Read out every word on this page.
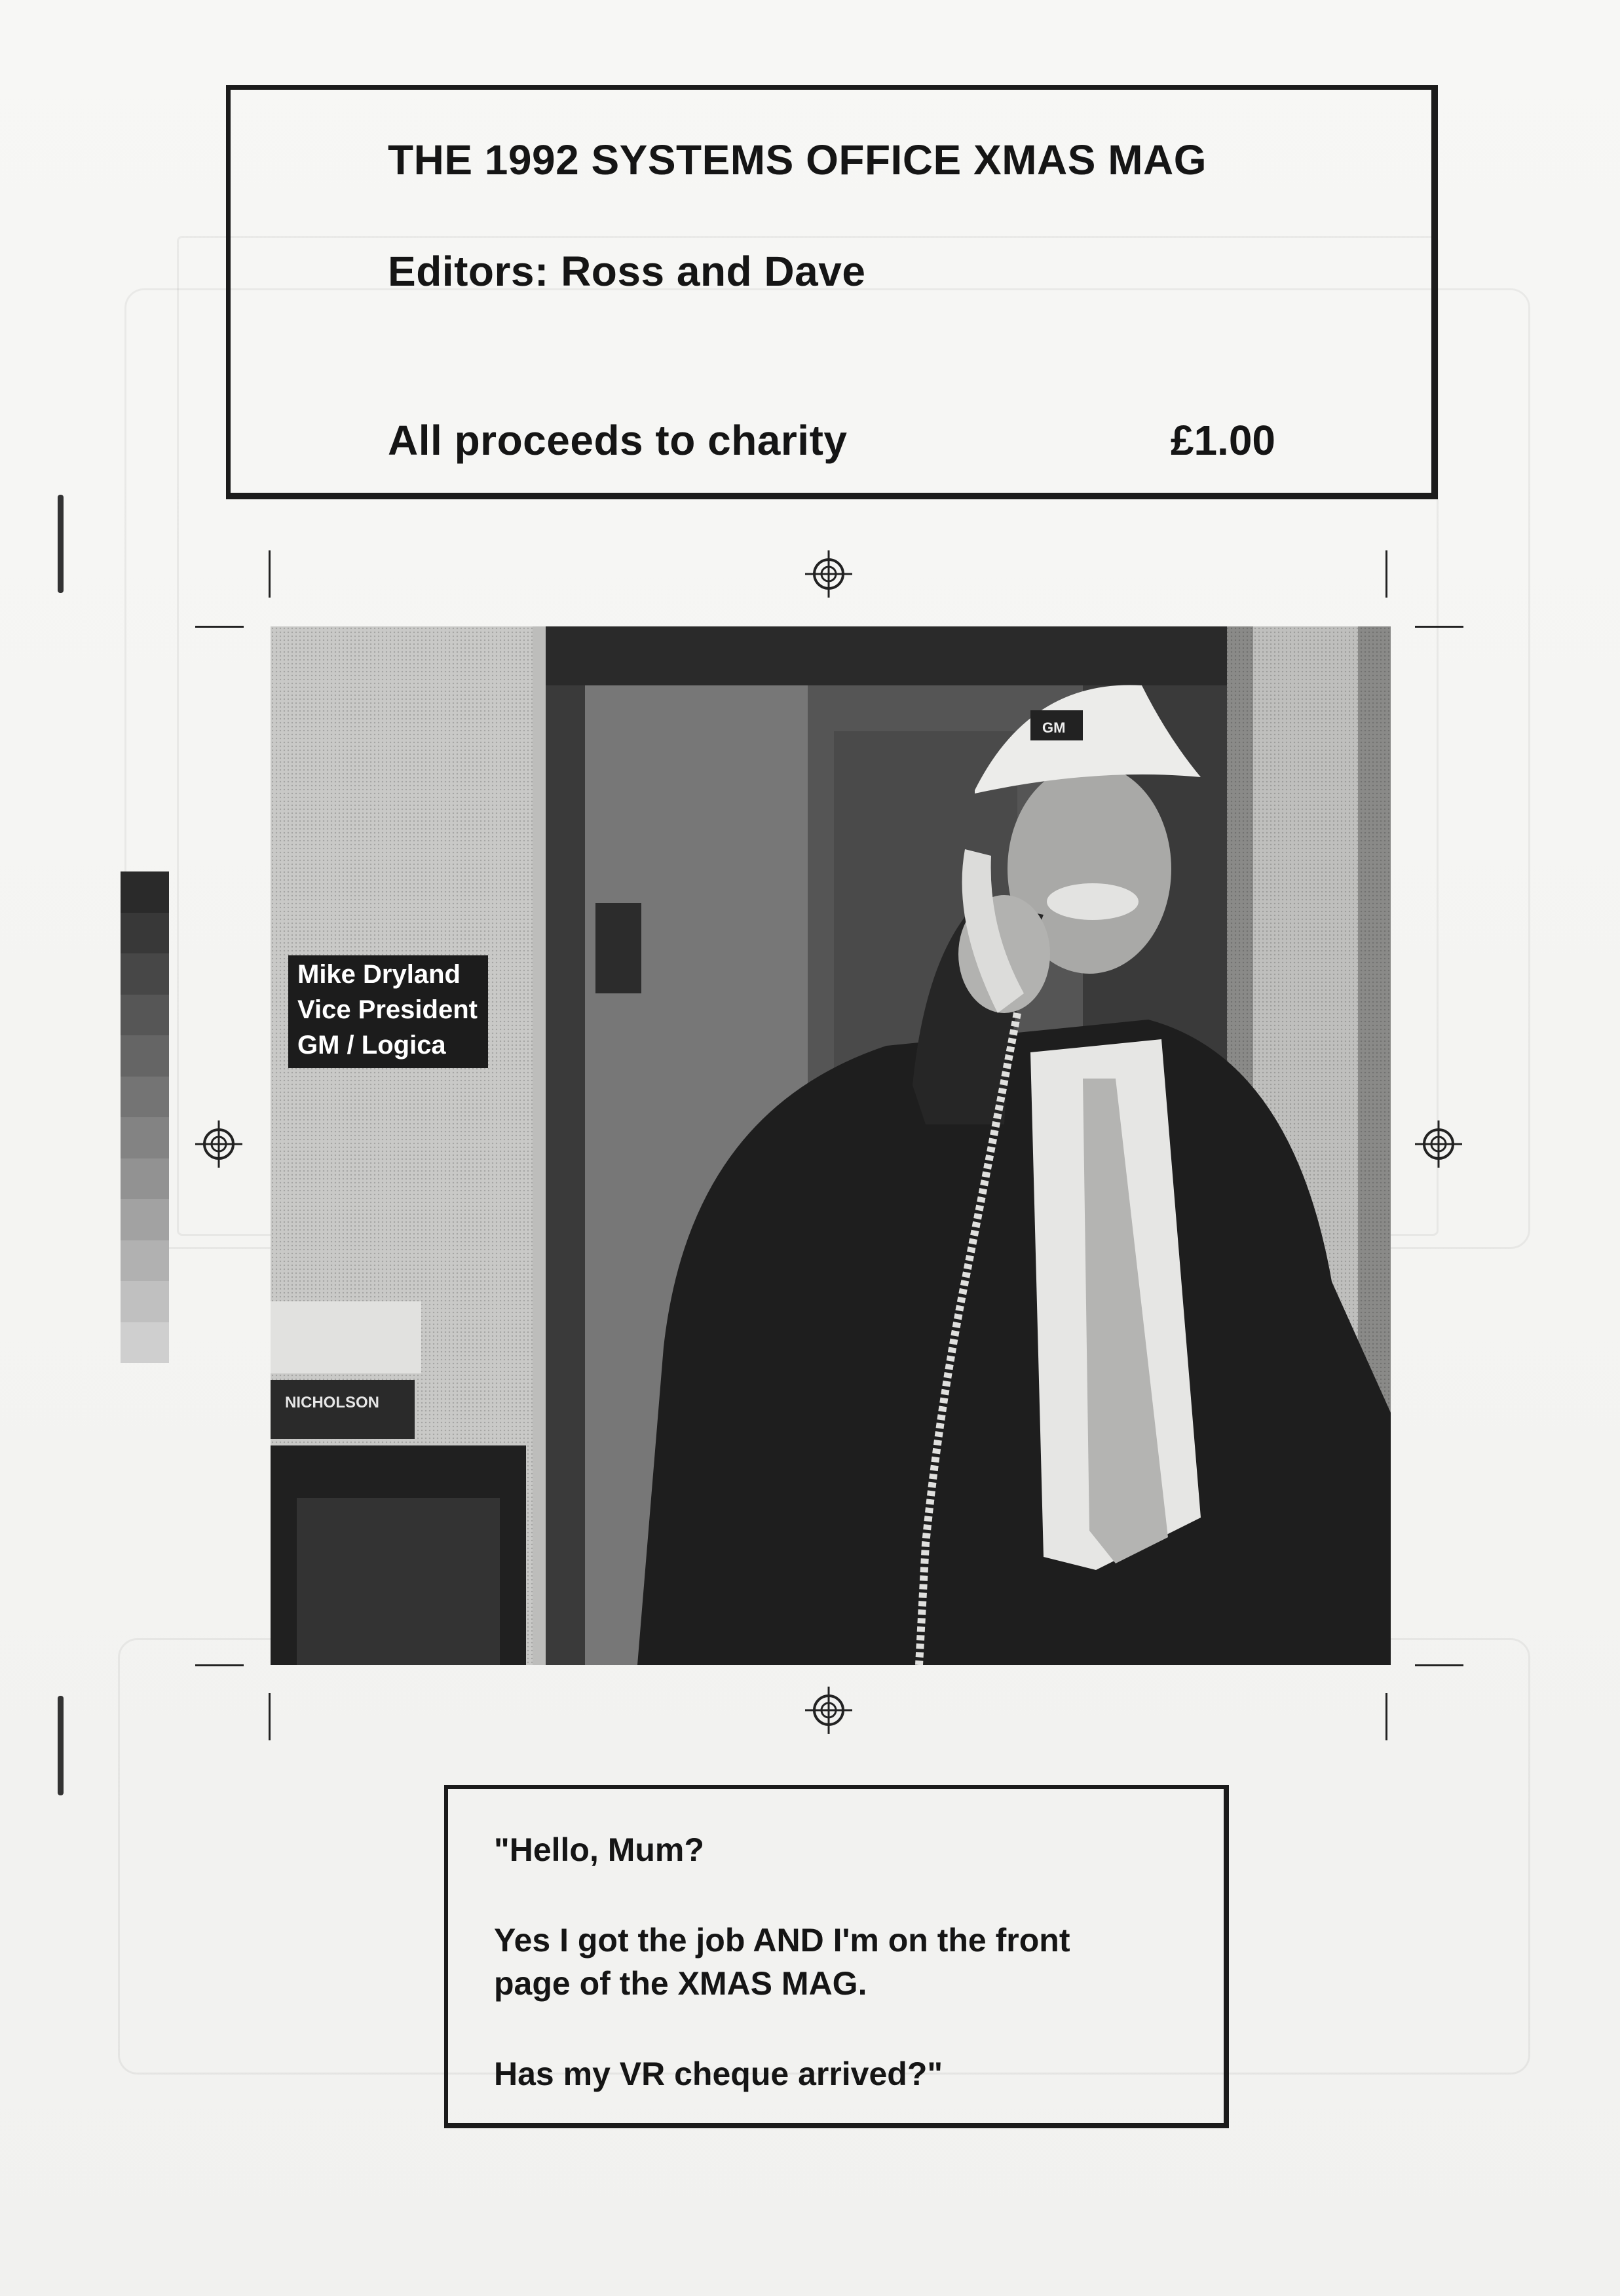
THE 1992 SYSTEMS OFFICE XMAS MAG
Editors: Ross and Dave
All proceeds to charity	£1.00
NICHOLSON
GM
Mike Dryland
Vice President
GM / Logica
"Hello, Mum?
Yes I got the job AND I'm on the front
page of the XMAS MAG.
Has my VR cheque arrived?"
